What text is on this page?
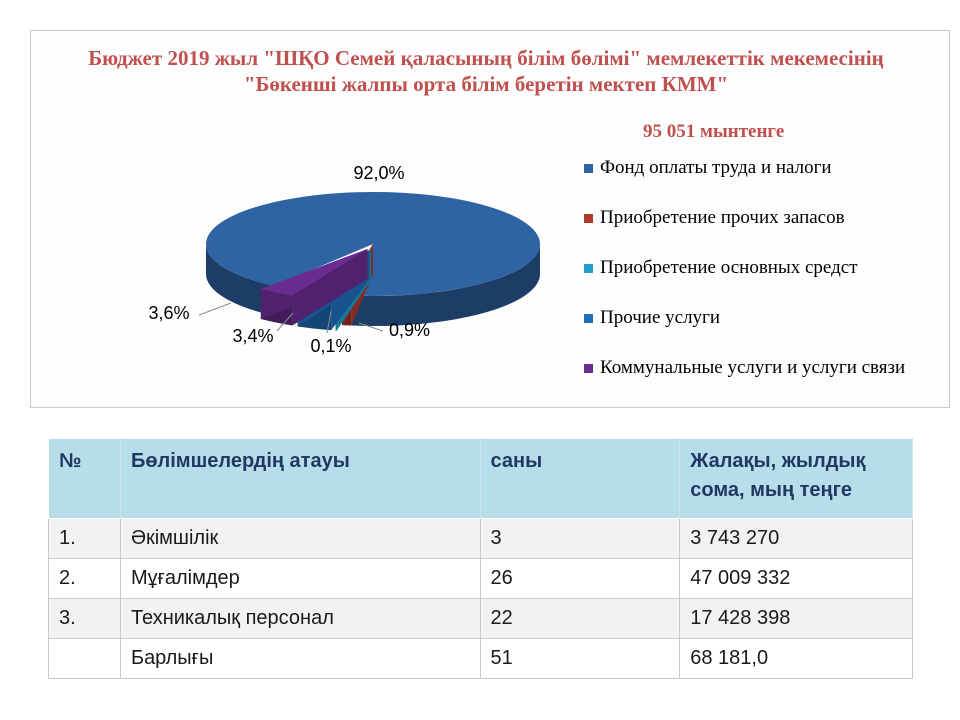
Бюджет 2019 жыл "ШҚО Семей қаласының білім бөлімі" мемлекеттік мекемесінің "Бөкенші жалпы орта білім беретін мектеп КММ"

95 051 мынтенге
92,0%
0,9%
0,1%
3,4%
3,6%
Фонд оплаты труда и налоги
Приобретение прочих запасов
Приобретение основных средст
Прочие услуги
Коммунальные услуги и услуги связи
№	Бөлімшелердің атауы	саны	Жалақы, жылдық сома, мың теңге
1.	Әкімшілік	3	3 743 270
2.	Мұғалімдер	26	47 009 332
3.	Техникалық персонал	22	17 428 398
	Барлығы	51	68 181,0
